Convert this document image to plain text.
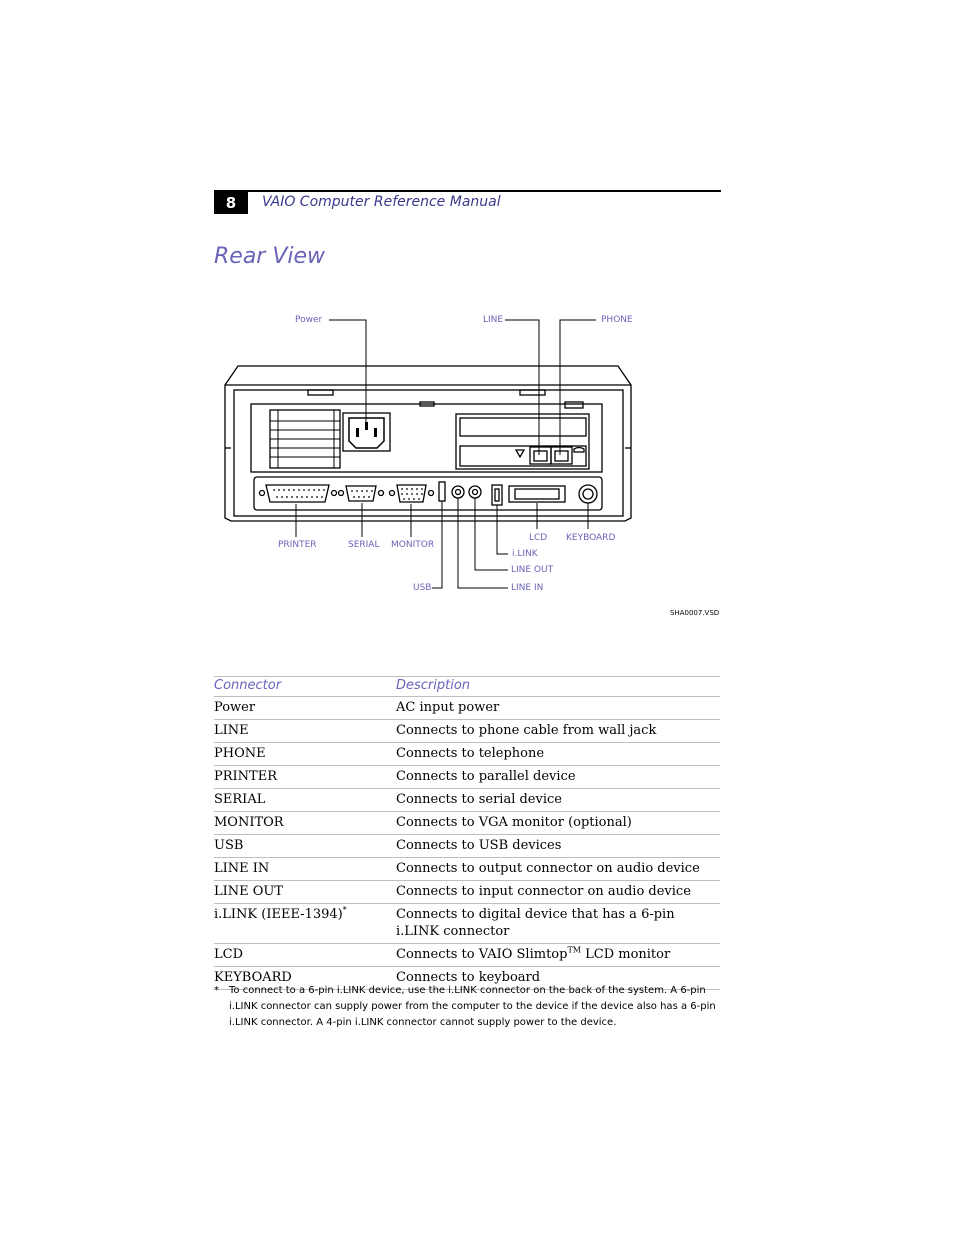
8	VAIO Computer Reference Manual
Rear View
Power	LINE	PHONE
PRINTER	SERIAL MONITOR
LCD KEYBOARD
i.LINK
LINE OUT
LINE IN
USB
SHA0007.VSD
Connector	Description
Power	AC input power
LINE	Connects to phone cable from wall jack
PHONE	Connects to telephone
PRINTER	Connects to parallel device
SERIAL	Connects to serial device
MONITOR	Connects to VGA monitor (optional)
USB	Connects to USB devices
LINE IN	Connects to output connector on audio device
LINE OUT	Connects to input connector on audio device
i.LINK (IEEE-1394)*	Connects to digital device that has a 6-pin i.LINK connector
LCD	Connects to VAIO Slimtop™ LCD monitor
KEYBOARD	Connects to keyboard
* To connect to a 6-pin i.LINK device, use the i.LINK connector on the back of the system. A 6-pin i.LINK connector can supply power from the computer to the device if the device also has a 6-pin i.LINK connector. A 4-pin i.LINK connector cannot supply power to the device.
